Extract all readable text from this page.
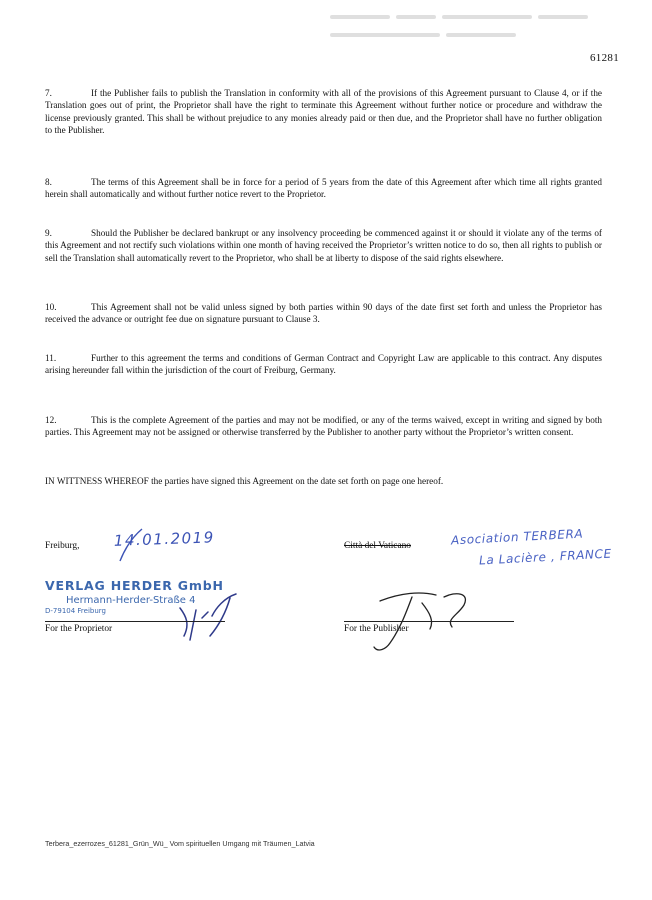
61281

7.	If the Publisher fails to publish the Translation in conformity with all of the provisions of this Agreement pursuant to Clause 4, or if the Translation goes out of print, the Proprietor shall have the right to terminate this Agreement without further notice or procedure and withdraw the license previously granted. This shall be without prejudice to any monies already paid or then due, and the Proprietor shall have no further obligation to the Publisher.

8.	The terms of this Agreement shall be in force for a period of 5 years from the date of this Agreement after which time all rights granted herein shall automatically and without further notice revert to the Proprietor.

9.	Should the Publisher be declared bankrupt or any insolvency proceeding be commenced against it or should it violate any of the terms of this Agreement and not rectify such violations within one month of having received the Proprietor’s written notice to do so, then all rights to publish or sell the Translation shall automatically revert to the Proprietor, who shall be at liberty to dispose of the said rights elsewhere.

10.	This Agreement shall not be valid unless signed by both parties within 90 days of the date first set forth and unless the Proprietor has received the advance or outright fee due on signature pursuant to Clause 3.

11.	Further to this agreement the terms and conditions of German Contract and Copyright Law are applicable to this contract. Any disputes arising hereunder fall within the jurisdiction of the court of Freiburg, Germany.

12.	This is the complete Agreement of the parties and may not be modified, or any of the terms waived, except in writing and signed by both parties. This Agreement may not be assigned or otherwise transferred by the Publisher to another party without the Proprietor’s written consent.

IN WITTNESS WHEREOF the parties have signed this Agreement on the date set forth on page one hereof.
Freiburg, 14.01.2019
VERLAG HERDER GmbH
Hermann-Herder-Straße 4
D-79104 Freiburg
For the Proprietor
Città del Vaticano	Asociation TERBERA
La Lacière , FRANCE
For the Publisher
Terbera_ezerrozes_61281_Grün_Wü_ Vom spirituellen Umgang mit Träumen_Latvia
